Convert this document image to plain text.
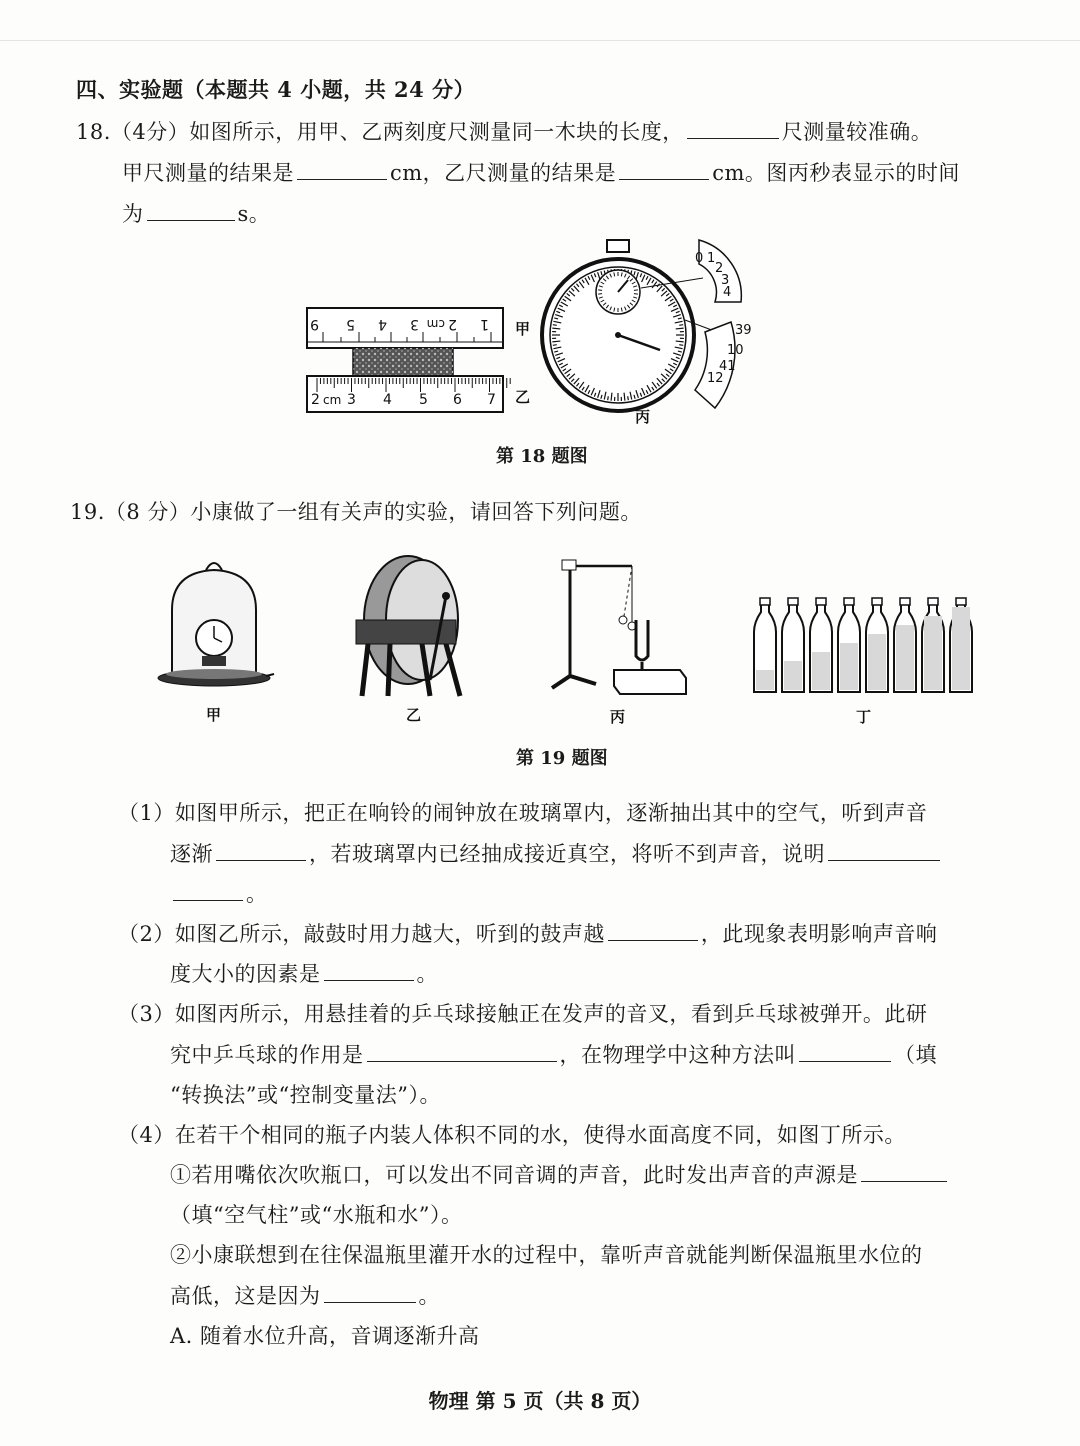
四、实验题（本题共 4 小题，共 24 分）
18.（4分）如图所示，用甲、乙两刻度尺测量同一木块的长度，	尺测量较准确。
甲尺测量的结果是	cm，乙尺测量的结果是	cm。图丙秒表显示的时间
为	s。
9 5 4 3 2
cm	1 甲
2 cm 3 4 5 6 7 乙
丙
0 1
2
3
4
39
10
41
12
第 18 题图
19.（8 分）小康做了一组有关声的实验，请回答下列问题。
甲	乙	丙	丁
第 19 题图
（1）如图甲所示，把正在响铃的闹钟放在玻璃罩内，逐渐抽出其中的空气，听到声音
逐渐	，若玻璃罩内已经抽成接近真空，将听不到声音，说明
。
（2）如图乙所示，敲鼓时用力越大，听到的鼓声越	，此现象表明影响声音响
度大小的因素是	。
（3）如图丙所示，用悬挂着的乒乓球接触正在发声的音叉，看到乒乓球被弹开。此研
究中乒乓球的作用是	，在物理学中这种方法叫	（填
“转换法”或“控制变量法”）。
（4）在若干个相同的瓶子内装人体积不同的水，使得水面高度不同，如图丁所示。
①若用嘴依次吹瓶口，可以发出不同音调的声音，此时发出声音的声源是
（填“空气柱”或“水瓶和水”）。
②小康联想到在往保温瓶里灌开水的过程中，靠听声音就能判断保温瓶里水位的
高低，这是因为	。
A. 随着水位升高，音调逐渐升高
物理 第 5 页（共 8 页）
